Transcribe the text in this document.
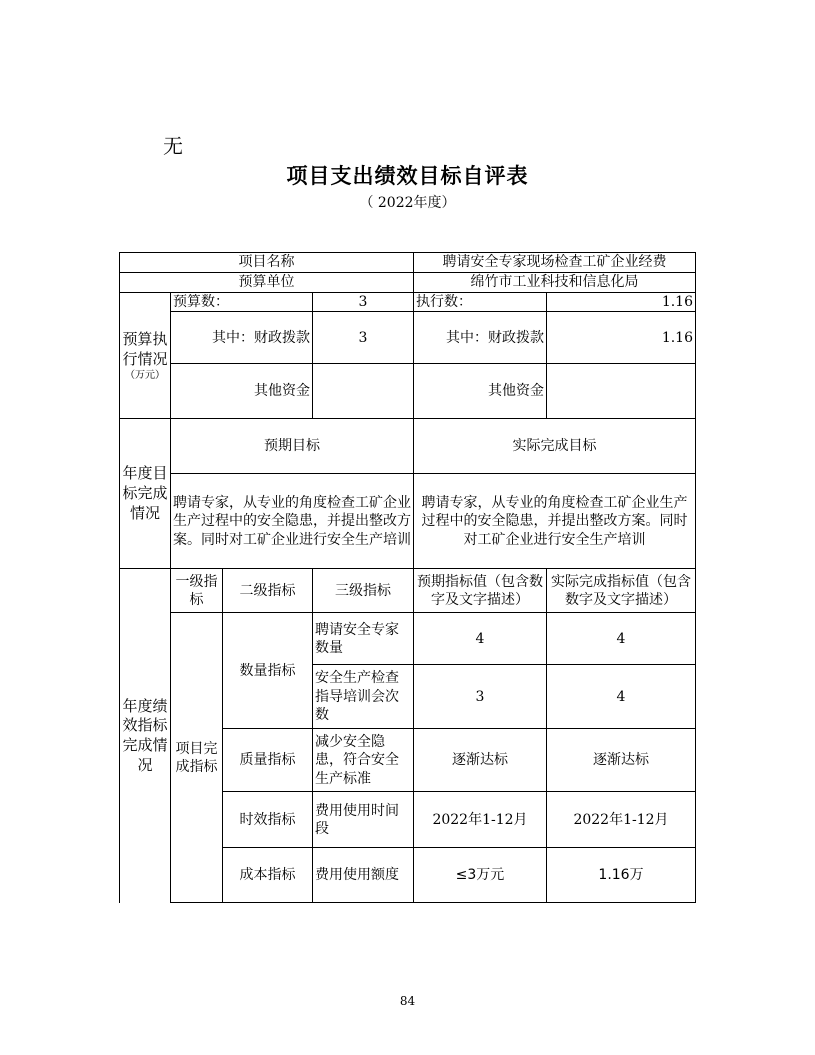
无
项目支出绩效目标自评表
（ 2022年度）
项目名称				聘请安全专家现场检查工矿企业经费	
预算单位				绵竹市工业科技和信息化局	
预算执行情况
（万元）	预算数：		3	执行数：	1.16
	其中：财政拨款		3	其中：财政拨款	1.16
	其他资金			其他资金	
年度目标完成情况	预期目标			实际完成目标	
	聘请专家，从专业的角度检查工矿企业生产过程中的安全隐患，并提出整改方案。同时对工矿企业进行安全生产培训			聘请专家，从专业的角度检查工矿企业生产过程中的安全隐患，并提出整改方案。同时对工矿企业进行安全生产培训	
年度绩效指标完成情况	一级指标	二级指标	三级指标	预期指标值（包含数字及文字描述）	实际完成指标值（包含数字及文字描述）
	项目完成指标	数量指标	聘请安全专家数量	4	4
			安全生产检查指导培训会次数	3	4
		质量指标	减少安全隐患，符合安全生产标准	逐渐达标	逐渐达标
		时效指标	费用使用时间段	2022年1-12月	2022年1-12月
		成本指标	费用使用额度	≤3万元	1.16万
84
